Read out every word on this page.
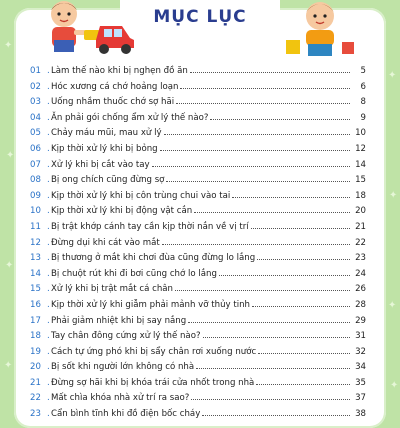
✦
✦
✦
✦
✦
✦
✦
✦
MỤC LỤC
01 . Làm thế nào khi bị nghẹn đồ ăn	5
02 . Hóc xương cá chớ hoảng loạn	6
03 . Uống nhầm thuốc chớ sợ hãi	8
04 . Ăn phải gói chống ẩm xử lý thế nào?	9
05 . Chảy máu mũi, mau xử lý	10
06 . Kịp thời xử lý khi bị bỏng	12
07 . Xử lý khi bị cắt vào tay	14
08 . Bị ong chích cũng đừng sợ	15
09 . Kịp thời xử lý khi bị côn trùng chui vào tai	18
10 . Kịp thời xử lý khi bị động vật cắn	20
11 . Bị trật khớp cánh tay cần kịp thời nắn về vị trí	21
12 . Đừng dụi khi cát vào mắt	22
13 . Bị thương ở mắt khi chơi đùa cũng đừng lo lắng	23
14 . Bị chuột rút khi đi bơi cũng chớ lo lắng	24
15 . Xử lý khi bị trật mắt cá chân	26
16 . Kịp thời xử lý khi giẫm phải mảnh vỡ thủy tinh	28
17 . Phải giảm nhiệt khi bị say nắng	29
18 . Tay chân đông cứng xử lý thế nào?	31
19 . Cách tự ứng phó khi bị sẩy chân rơi xuống nước	32
20 . Bị sốt khi người lớn không có nhà	34
21 . Đừng sợ hãi khi bị khóa trái cửa nhốt trong nhà	35
22 . Mất chìa khóa nhà xử trí ra sao?	37
23 . Cẩn bình tĩnh khi đồ điện bốc cháy	38
